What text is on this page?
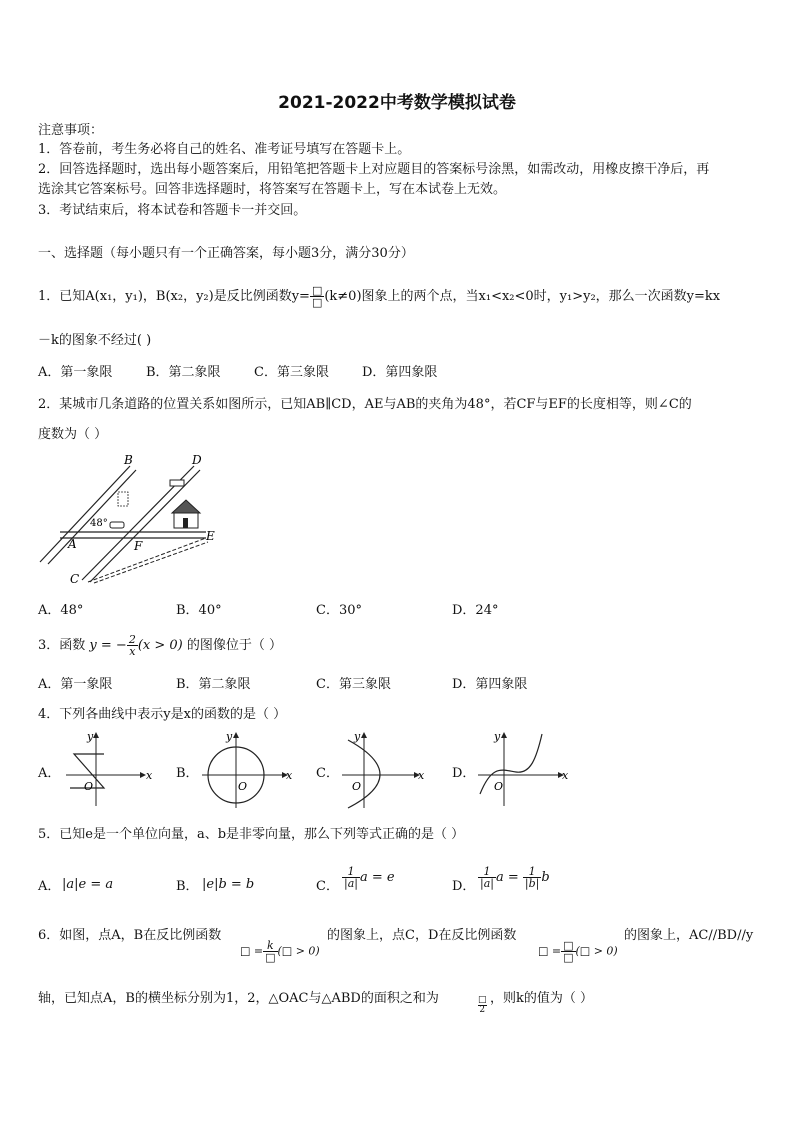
2021-2022中考数学模拟试卷
注意事项：
1．答卷前，考生务必将自己的姓名、准考证号填写在答题卡上。
2．回答选择题时，选出每小题答案后，用铅笔把答题卡上对应题目的答案标号涂黑，如需改动，用橡皮擦干净后，再
选涂其它答案标号。回答非选择题时，将答案写在答题卡上，写在本试卷上无效。
3．考试结束后，将本试卷和答题卡一并交回。
一、选择题（每小题只有一个正确答案，每小题3分，满分30分）
1．已知A(x₁，y₁)，B(x₂，y₂)是反比例函数$y= \frac{□}{□} (k\ne 0)$图象上的两个点，当x₁<x₂<0时，y₁>y₂，那么一次函数y=kx
－k的图象不经过( )
A．第一象限	B．第二象限	C．第三象限	D．第四象限
2．某城市几条道路的位置关系如图所示，已知AB∥CD，AE与AB的夹角为48°，若CF与EF的长度相等，则∠C的
度数为（ ）
B	D
A	F
E
C
48°
A．48°	B．40°	C．30°	D．24°
3．函数 y = − $\frac{2}{x} (x > 0)$ 的图像位于（ ）
A．第一象限	B．第二象限	C．第三象限	D．第四象限
4．下列各曲线中表示y是x的函数的是（ ）
A．	x
y
O
B．	x
y
O
C．	x
y
O
D．	x
y
O
5．已知e是一个单位向量，a、b是非零向量，那么下列等式正确的是（ ）
A． |a|e = a	B． |e|b = b	C． $\frac{1}{|a|}$ a = e
D． $\frac{1}{|a|}$ $a = \frac{1}{|b|}$ b
6．如图，点A，B在反比例函数
□ = $\frac{k}{□}$ (□ > 0)
的图象上，点C，D在反比例函数
□ = $\frac{□}{□}$ (□ > 0)
的图象上，AC//BD//y
轴，已知点A，B的横坐标分别为1，2，△OAC与△ABD的面积之和为	□
2
，则k的值为（ ）
